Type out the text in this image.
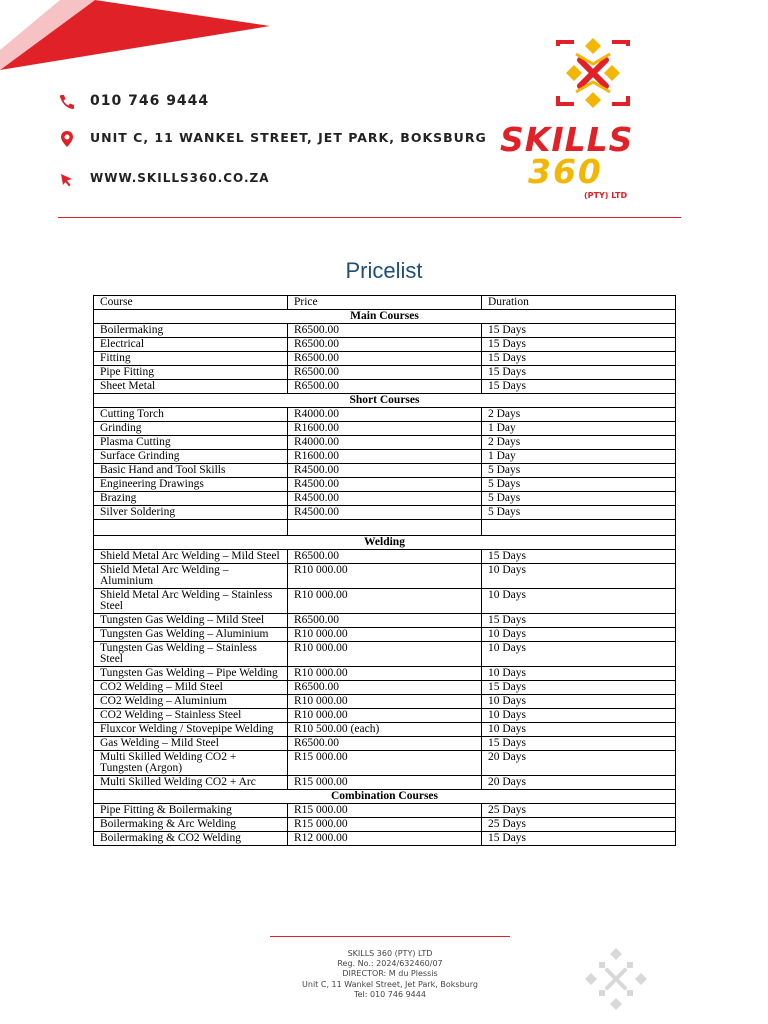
010 746 9444
UNIT C, 11 WANKEL STREET, JET PARK, BOKSBURG
WWW.SKILLS360.CO.ZA
SKILLS
360
(PTY) LTD
Pricelist
Course	Price	Duration
Main Courses		
Boilermaking	R6500.00	15 Days
Electrical	R6500.00	15 Days
Fitting	R6500.00	15 Days
Pipe Fitting	R6500.00	15 Days
Sheet Metal	R6500.00	15 Days
Short Courses		
Cutting Torch	R4000.00	2 Days
Grinding	R1600.00	1 Day
Plasma Cutting	R4000.00	2 Days
Surface Grinding	R1600.00	1 Day
Basic Hand and Tool Skills	R4500.00	5 Days
Engineering Drawings	R4500.00	5 Days
Brazing	R4500.00	5 Days
Silver Soldering	R4500.00	5 Days

Welding		
Shield Metal Arc Welding – Mild Steel	R6500.00	15 Days
Shield Metal Arc Welding – Aluminium	R10 000.00	10 Days
Shield Metal Arc Welding – Stainless Steel	R10 000.00	10 Days
Tungsten Gas Welding – Mild Steel	R6500.00	15 Days
Tungsten Gas Welding – Aluminium	R10 000.00	10 Days
Tungsten Gas Welding – Stainless Steel	R10 000.00	10 Days
Tungsten Gas Welding – Pipe Welding	R10 000.00	10 Days
CO2 Welding – Mild Steel	R6500.00	15 Days
CO2 Welding – Aluminium	R10 000.00	10 Days
CO2 Welding – Stainless Steel	R10 000.00	10 Days
Fluxcor Welding / Stovepipe Welding	R10 500.00 (each)	10 Days
Gas Welding – Mild Steel	R6500.00	15 Days
Multi Skilled Welding CO2 + Tungsten (Argon)	R15 000.00	20 Days
Multi Skilled Welding CO2 + Arc	R15 000.00	20 Days
Combination Courses		
Pipe Fitting & Boilermaking	R15 000.00	25 Days
Boilermaking & Arc Welding	R15 000.00	25 Days
Boilermaking & CO2 Welding	R12 000.00	15 Days
SKILLS 360 (PTY) LTD
Reg. No.: 2024/632460/07
DIRECTOR: M du Plessis
Unit C, 11 Wankel Street, Jet Park, Boksburg
Tel: 010 746 9444
